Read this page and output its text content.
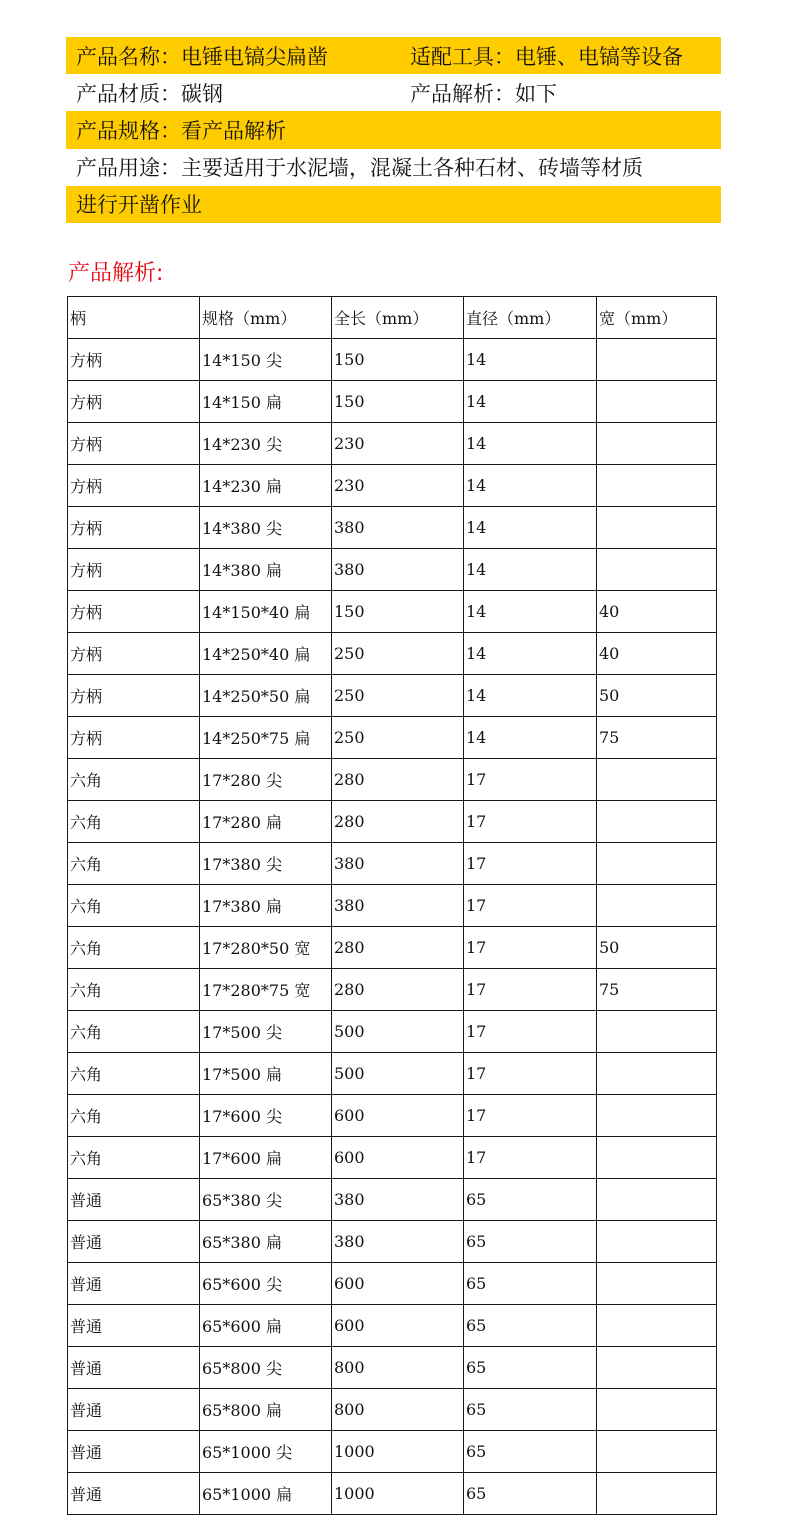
产品名称：电锤电镐尖扁凿	适配工具：电锤、电镐等设备
产品材质：碳钢	产品解析：如下
产品规格：看产品解析
产品用途：主要适用于水泥墙，混凝土各种石材、砖墙等材质
进行开凿作业
产品解析:
柄	规格（mm）	全长（mm）	直径（mm）	宽（mm）
方柄	14*150 尖	150	14	
方柄	14*150 扁	150	14	
方柄	14*230 尖	230	14	
方柄	14*230 扁	230	14	
方柄	14*380 尖	380	14	
方柄	14*380 扁	380	14	
方柄	14*150*40 扁	150	14	40
方柄	14*250*40 扁	250	14	40
方柄	14*250*50 扁	250	14	50
方柄	14*250*75 扁	250	14	75
六角	17*280 尖	280	17	
六角	17*280 扁	280	17	
六角	17*380 尖	380	17	
六角	17*380 扁	380	17	
六角	17*280*50 宽	280	17	50
六角	17*280*75 宽	280	17	75
六角	17*500 尖	500	17	
六角	17*500 扁	500	17	
六角	17*600 尖	600	17	
六角	17*600 扁	600	17	
普通	65*380 尖	380	65	
普通	65*380 扁	380	65	
普通	65*600 尖	600	65	
普通	65*600 扁	600	65	
普通	65*800 尖	800	65	
普通	65*800 扁	800	65	
普通	65*1000 尖	1000	65	
普通	65*1000 扁	1000	65	
